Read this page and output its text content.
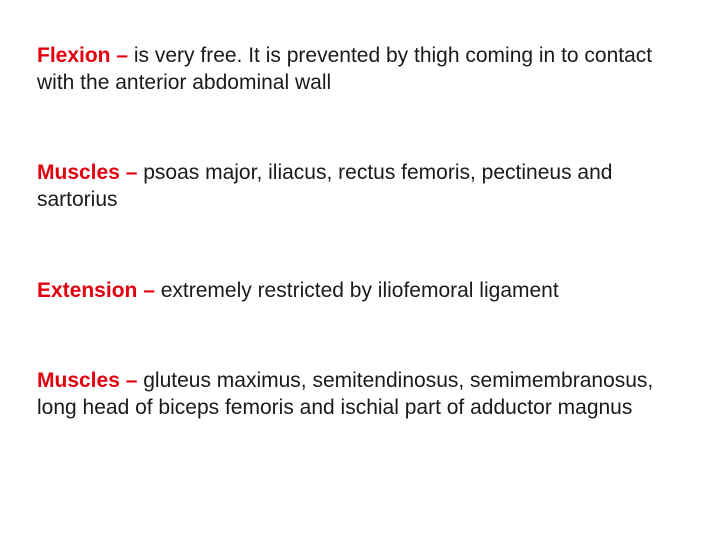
Flexion – is very free. It is prevented by thigh coming in to contact with the anterior abdominal wall

Muscles – psoas major, iliacus, rectus femoris, pectineus and sartorius

Extension – extremely restricted by iliofemoral ligament

Muscles – gluteus maximus, semitendinosus, semimembranosus, long head of biceps femoris and ischial part of adductor magnus
